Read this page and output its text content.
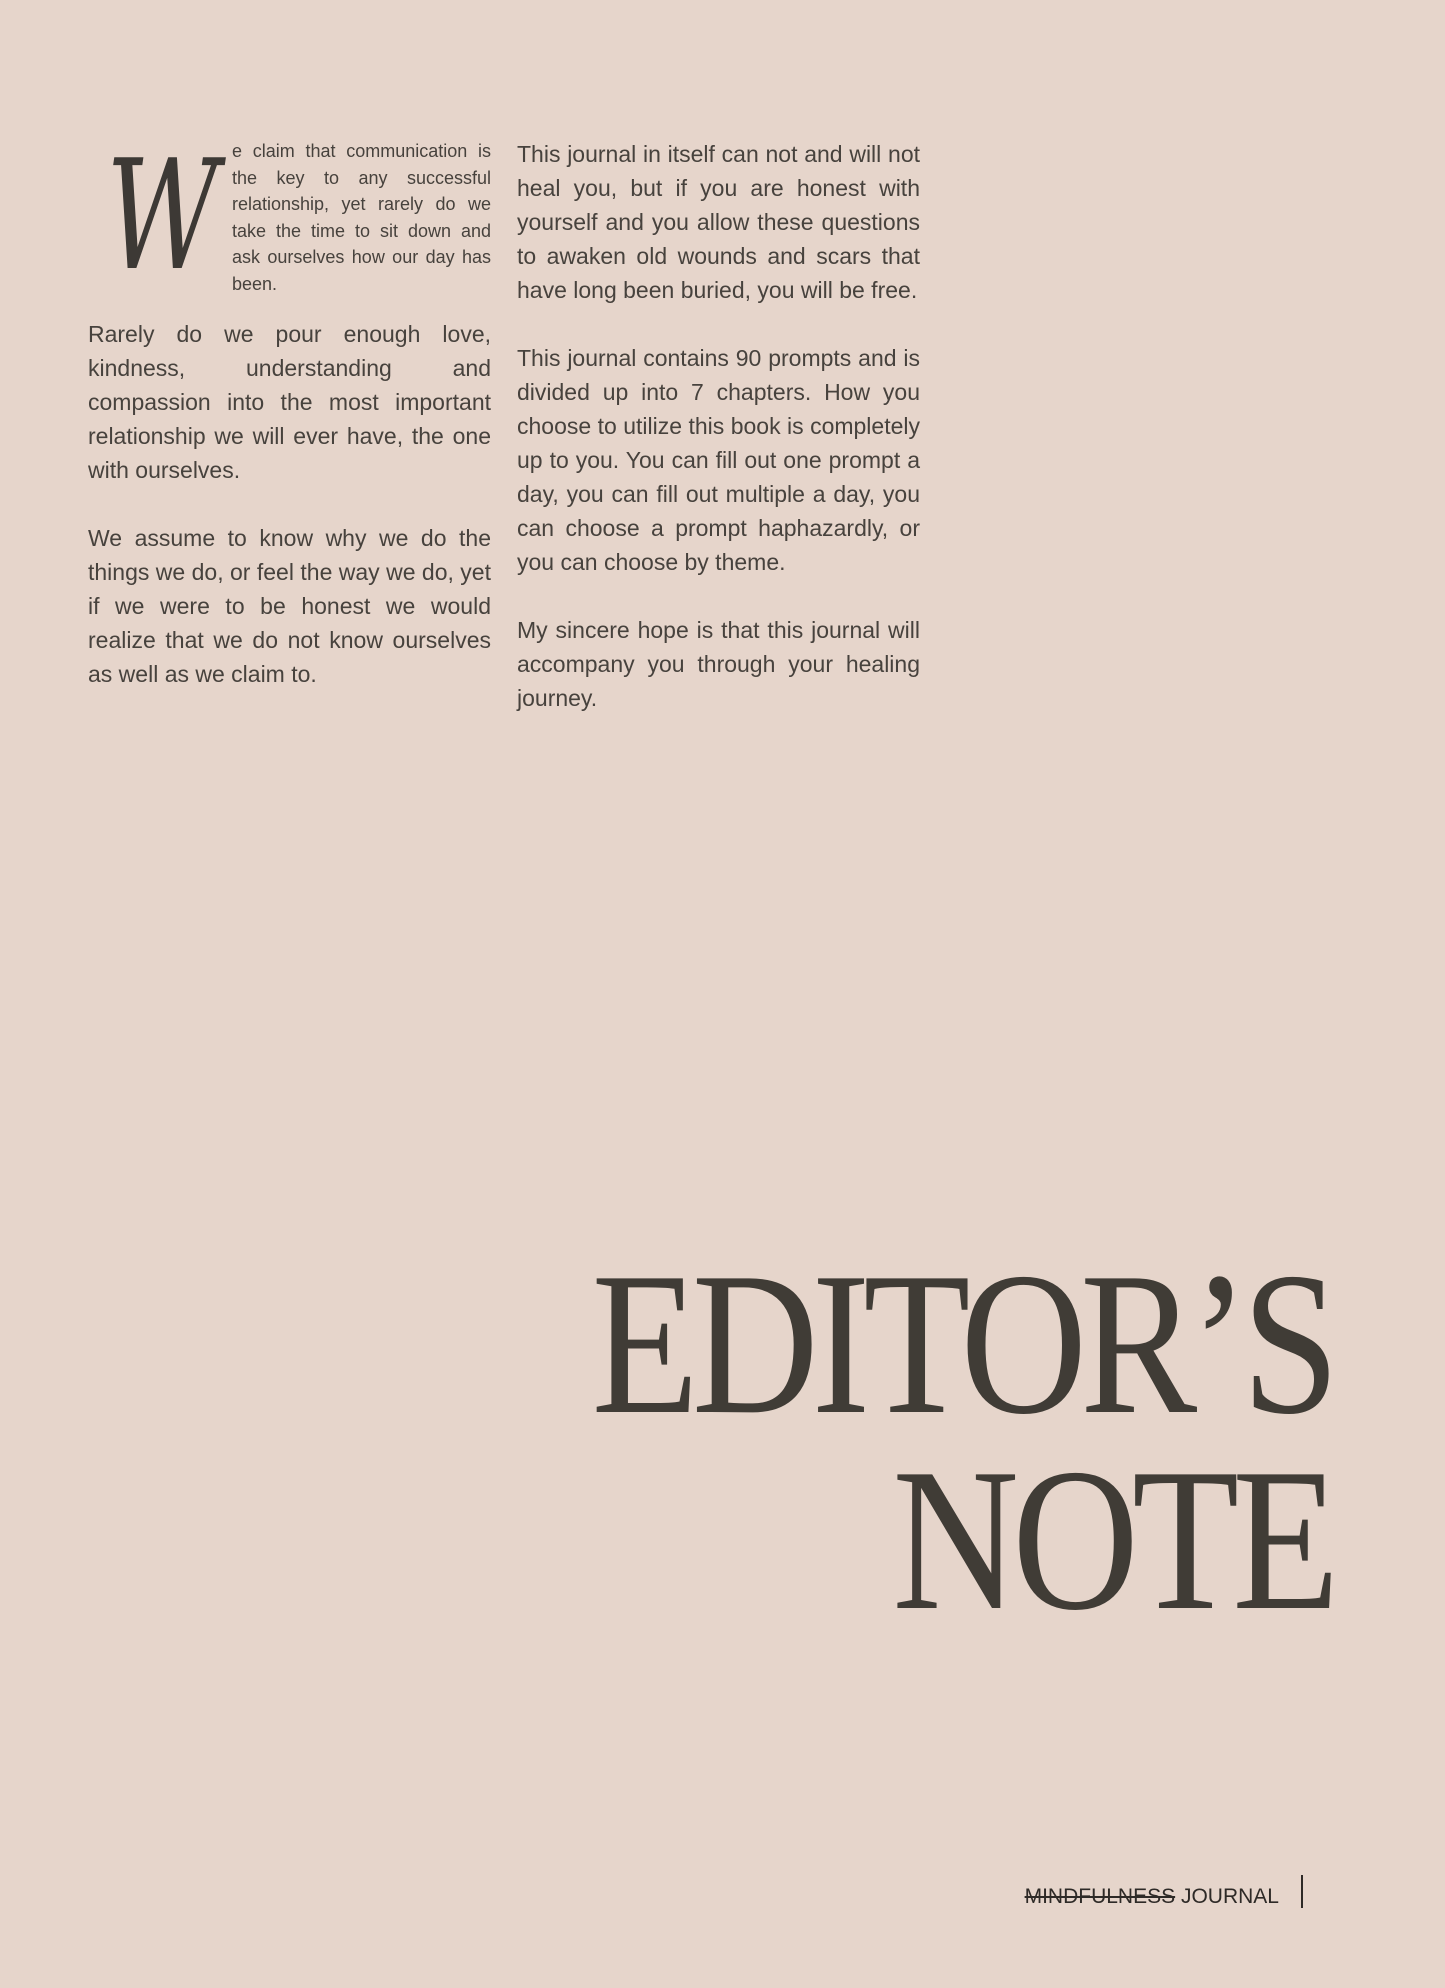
W e claim that communication is the key to any successful relationship, yet rarely do we take the time to sit down and ask ourselves how our day has been.

Rarely do we pour enough love, kindness, understanding and compassion into the most important relationship we will ever have, the one with ourselves.

We assume to know why we do the things we do, or feel the way we do, yet if we were to be honest we would realize that we do not know ourselves as well as we claim to.

This journal in itself can not and will not heal you, but if you are honest with yourself and you allow these questions to awaken old wounds and scars that have long been buried, you will be free.

This journal contains 90 prompts and is divided up into 7 chapters. How you choose to utilize this book is completely up to you. You can fill out one prompt a day, you can fill out multiple a day, you can choose a prompt haphazardly, or you can choose by theme.

My sincere hope is that this journal will accompany you through your healing journey.

EDITOR’S
NOTE
MINDFULNESS JOURNAL
